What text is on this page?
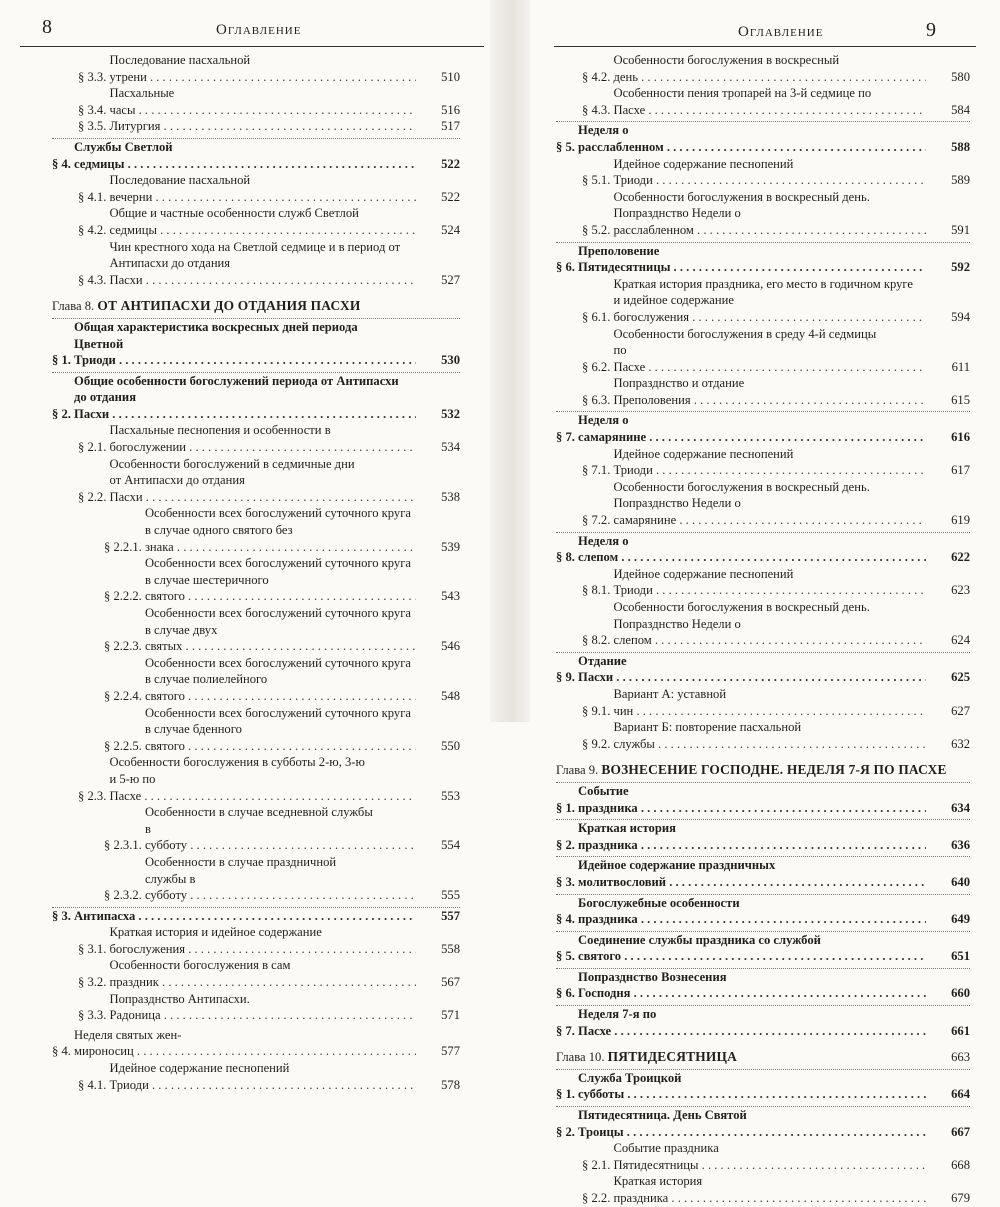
8	Оглавление
§ 3.3.
Последование пасхальной утрени . . .	510
§ 3.4.
Пасхальные часы . . .	516
§ 3.5. Литургия . . .	517
§ 4.
Службы Светлой седмицы . . .	522
§ 4.1.
Последование пасхальной вечерни . . .	522
§ 4.2.
Общие и частные особенности служб Светлой седмицы . . .	524
§ 4.3.
Чин крестного хода на Светлой седмице и в период от
Антипасхи до отдания Пасхи . . .	527
Глава 8. ОТ АНТИПАСХИ ДО ОТДАНИЯ ПАСХИ
§ 1.
Общая характеристика воскресных дней периода
Цветной Триоди . . .	530
§ 2.
Общие особенности богослужений периода от Антипасхи
до отдания Пасхи . . .	532
§ 2.1.
Пасхальные песнопения и особенности в богослужении . . .	534
§ 2.2.
Особенности богослужений в седмичные дни
от Антипасхи до отдания Пасхи . . .	538
§ 2.2.1.
Особенности всех богослужений суточного круга
в случае одного святого без знака . . .	539
§ 2.2.2.
Особенности всех богослужений суточного круга
в случае шестеричного святого . . .	543
§ 2.2.3.
Особенности всех богослужений суточного круга
в случае двух святых . . .	546
§ 2.2.4.
Особенности всех богослужений суточного круга
в случае полиелейного святого . . .	548
§ 2.2.5.
Особенности всех богослужений суточного круга
в случае бденного святого . . .	550
§ 2.3.
Особенности богослужения в субботы 2-ю, 3-ю
и 5-ю по Пасхе . . .	553
§ 2.3.1.
Особенности в случае вседневной службы
в субботу . . .	554
§ 2.3.2.
Особенности в случае праздничной
службы в субботу . . .	555
§ 3. Антипасха . . .	557
§ 3.1.
Краткая история и идейное содержание богослужения . . .	558
§ 3.2.
Особенности богослужения в сам праздник . . .	567
§ 3.3.
Попразднство Антипасхи. Радоница . . .	571
§ 4.
Неделя святых жен-мироносиц . . .	577
§ 4.1.
Идейное содержание песнопений Триоди . . .	578
Оглавление	9
§ 4.2.
Особенности богослужения в воскресный день . . .	580
§ 4.3.
Особенности пения тропарей на 3-й седмице по Пасхе . . .	584
§ 5.
Неделя о расслабленном . . .	588
§ 5.1.
Идейное содержание песнопений Триоди . . .	589
§ 5.2.
Особенности богослужения в воскресный день.
Попразднство Недели о расслабленном . . .	591
§ 6.
Преполовение Пятидесятницы . . .	592
§ 6.1.
Краткая история праздника, его место в годичном круге
и идейное содержание богослужения . . .	594
§ 6.2.
Особенности богослужения в среду 4-й седмицы
по Пасхе . . .	611
§ 6.3.
Попразднство и отдание Преполовения . . .	615
§ 7.
Неделя о самарянине . . .	616
§ 7.1.
Идейное содержание песнопений Триоди . . .	617
§ 7.2.
Особенности богослужения в воскресный день.
Попразднство Недели о самарянине . . .	619
§ 8.
Неделя о слепом . . .	622
§ 8.1.
Идейное содержание песнопений Триоди . . .	623
§ 8.2.
Особенности богослужения в воскресный день.
Попразднство Недели о слепом . . .	624
§ 9.
Отдание Пасхи . . .	625
§ 9.1.
Вариант А: уставной чин . . .	627
§ 9.2.
Вариант Б: повторение пасхальной службы . . .	632
Глава 9. ВОЗНЕСЕНИЕ ГОСПОДНЕ. НЕДЕЛЯ 7-Я ПО ПАСХЕ
§ 1.
Событие праздника . . .	634
§ 2.
Краткая история праздника . . .	636
§ 3.
Идейное содержание праздничных молитвословий . . .	640
§ 4.
Богослужебные особенности праздника . . .	649
§ 5.
Соединение службы праздника со службой святого . . .	651
§ 6.
Попразднство Вознесения Господня . . .	660
§ 7.
Неделя 7-я по Пасхе . . .	661
Глава 10. ПЯТИДЕСЯТНИЦА	663
§ 1.
Служба Троицкой субботы . . .	664
§ 2.
Пятидесятница. День Святой Троицы . . .	667
§ 2.1.
Событие праздника Пятидесятницы . . .	668
§ 2.2.
Краткая история праздника . . .	679
